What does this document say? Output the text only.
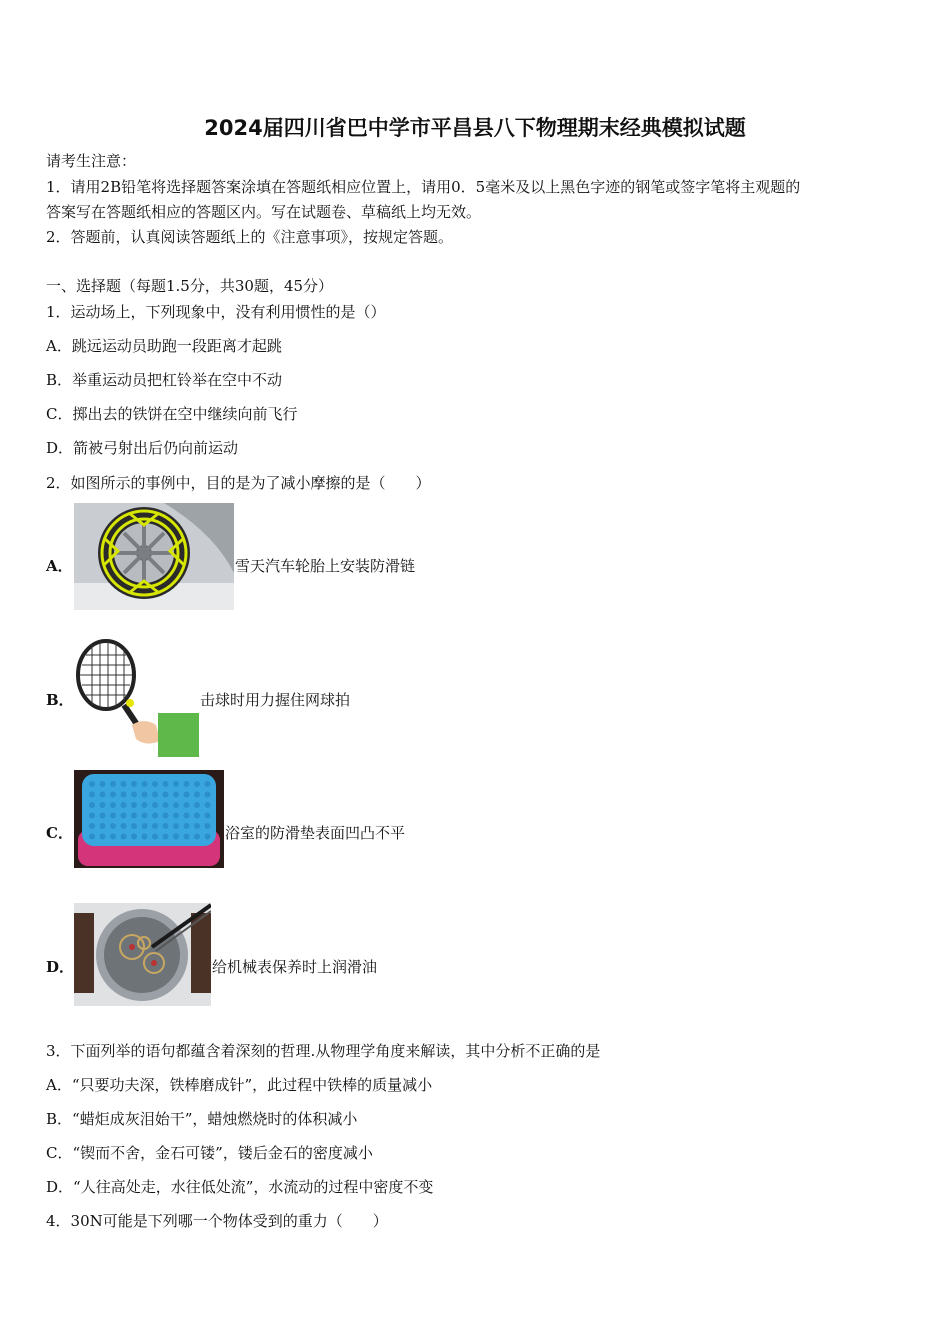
2024届四川省巴中学市平昌县八下物理期末经典模拟试题
请考生注意：
1．请用2B铅笔将选择题答案涂填在答题纸相应位置上，请用0．5毫米及以上黑色字迹的钢笔或签字笔将主观题的
答案写在答题纸相应的答题区内。写在试题卷、草稿纸上均无效。
2．答题前，认真阅读答题纸上的《注意事项》，按规定答题。
一、选择题（每题1.5分，共30题，45分）
1．运动场上，下列现象中，没有利用惯性的是（）
A．跳远运动员助跑一段距离才起跳
B．举重运动员把杠铃举在空中不动
C．掷出去的铁饼在空中继续向前飞行
D．箭被弓射出后仍向前运动
2．如图所示的事例中，目的是为了减小摩擦的是（　　）
A．	雪天汽车轮胎上安装防滑链
B．	击球时用力握住网球拍
C．	浴室的防滑垫表面凹凸不平
D．	给机械表保养时上润滑油
3．下面列举的语句都蕴含着深刻的哲理.从物理学角度来解读，其中分析不正确的是
A．“只要功夫深，铁棒磨成针”，此过程中铁棒的质量减小
B．“蜡炬成灰泪始干”，蜡烛燃烧时的体积减小
C．“锲而不舍，金石可镂”，镂后金石的密度减小
D．“人往高处走，水往低处流”，水流动的过程中密度不变
4．30N可能是下列哪一个物体受到的重力（　　）
